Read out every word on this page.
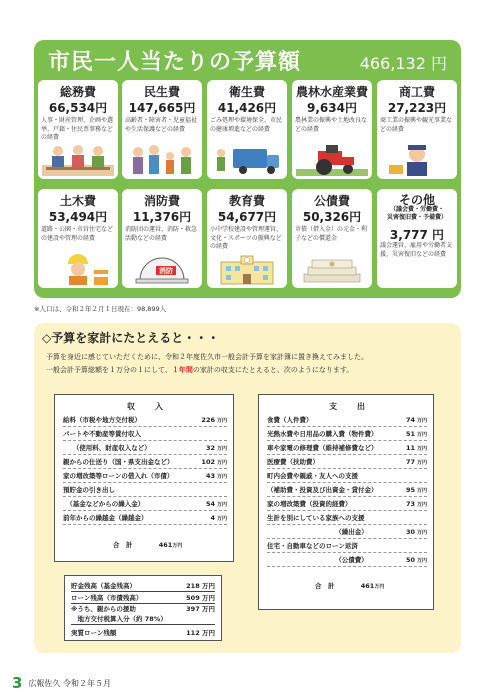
市民一人当たりの予算額	466,132 円
総務費
66,534円
人事・財産管理、企画や選挙、戸籍・住民票事務などの経費
民生費
147,665円
高齢者・障害者・児童福祉や生活保護などの経費
衛生費
41,426円
ごみ処理や環境保全、市民の健康増進などの経費
農林水産業費
9,634円
農林業の振興や土地改良などの経費
商工費
27,223円
商工業の振興や観光事業などの経費
土木費
53,494円
道路・公園・市営住宅などの建設や管理の経費
消防費
11,376円
消防団の運営、消防・救急活動などの経費
消防
教育費
54,677円
小中学校建設や管理運営、文化・スポーツの振興などの経費
公債費
50,326円
市債（借入金）の元金・利子などの償還金
その他
（議会費・労働費・
災害復旧費・予備費）
3,777 円
議会運営、雇用や労働者支援、災害復旧などの経費
※人口は、令和２年２月１日現在：98,899人
◇予算を家計にたとえると・・・
予算を身近に感じていただくために、令和２年度佐久市一般会計予算を家計簿に置き換えてみました。
一般会計予算総額を１万分の１にして、１年間の家計の収支にたとえると、次のようになります。
収　入
給料（市税や地方交付税）	226 万円
パートや不動産等賃付収入
　　（使用料、財産収入など）	32 万円
親からの仕送り（国・県支出金など）	102 万円
家の増改築等ローンの借入れ（市債）	43 万円
預貯金の引き出し
　（基金などからの繰入金）	54 万円
前年からの繰越金（繰越金）	4 万円
合　計	461万円
支　出
食費（人件費）	74 万円
光熱水費や日用品の購入費（物件費）	51 万円
車や家電の修理費（維持補修費など）	11 万円
医療費（扶助費）	77 万円
町内会費や親戚・友人への支援
（補助費・投資及び出資金・貸付金）	95 万円
家の増改築費（投資的経費）	73 万円
生計を別にしている家族への支援
　　　　　　　　　　　（繰出金）	30 万円
住宅・自動車などのローン返済
　　　　　　　　　　　（公債費）	50 万円
合　計	461万円
貯金残高（基金残高）	218 万円
ローン残高（市債残高）	509 万円
※うち、親からの援助	397 万円
　地方交付税算入分（約 78%）
実質ローン残額	112 万円
3 広報佐久 令和２年５月
